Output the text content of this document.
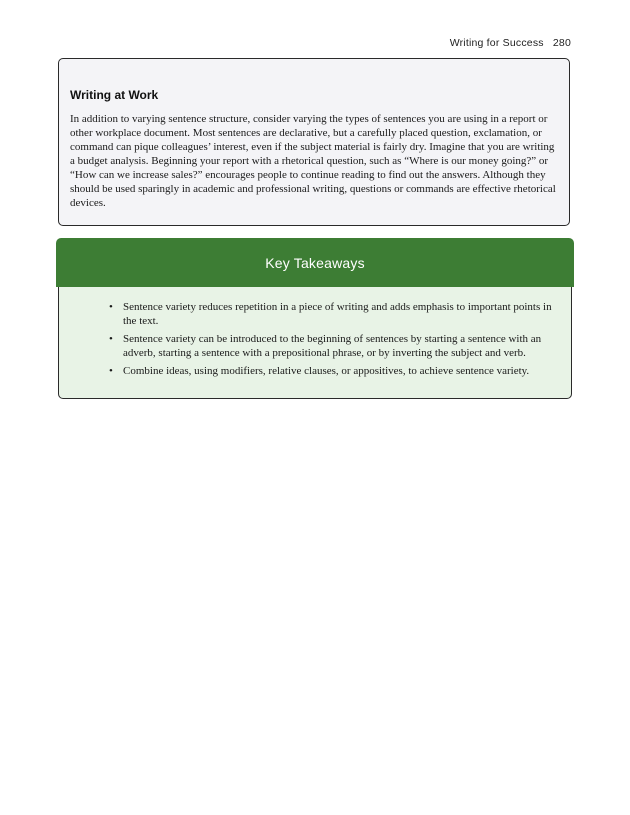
Writing for Success 280
Writing at Work

In addition to varying sentence structure, consider varying the types of sentences you are using in a report or other workplace document. Most sentences are declarative, but a carefully placed question, exclamation, or command can pique colleagues’ interest, even if the subject material is fairly dry. Imagine that you are writing a budget analysis. Beginning your report with a rhetorical question, such as “Where is our money going?” or “How can we increase sales?” encourages people to continue reading to find out the answers. Although they should be used sparingly in academic and professional writing, questions or commands are effective rhetorical devices.

Key Takeaways
• Sentence variety reduces repetition in a piece of writing and adds emphasis to important points in the text.
• Sentence variety can be introduced to the beginning of sentences by starting a sentence with an adverb, starting a sentence with a prepositional phrase, or by inverting the subject and verb.
• Combine ideas, using modifiers, relative clauses, or appositives, to achieve sentence variety.
